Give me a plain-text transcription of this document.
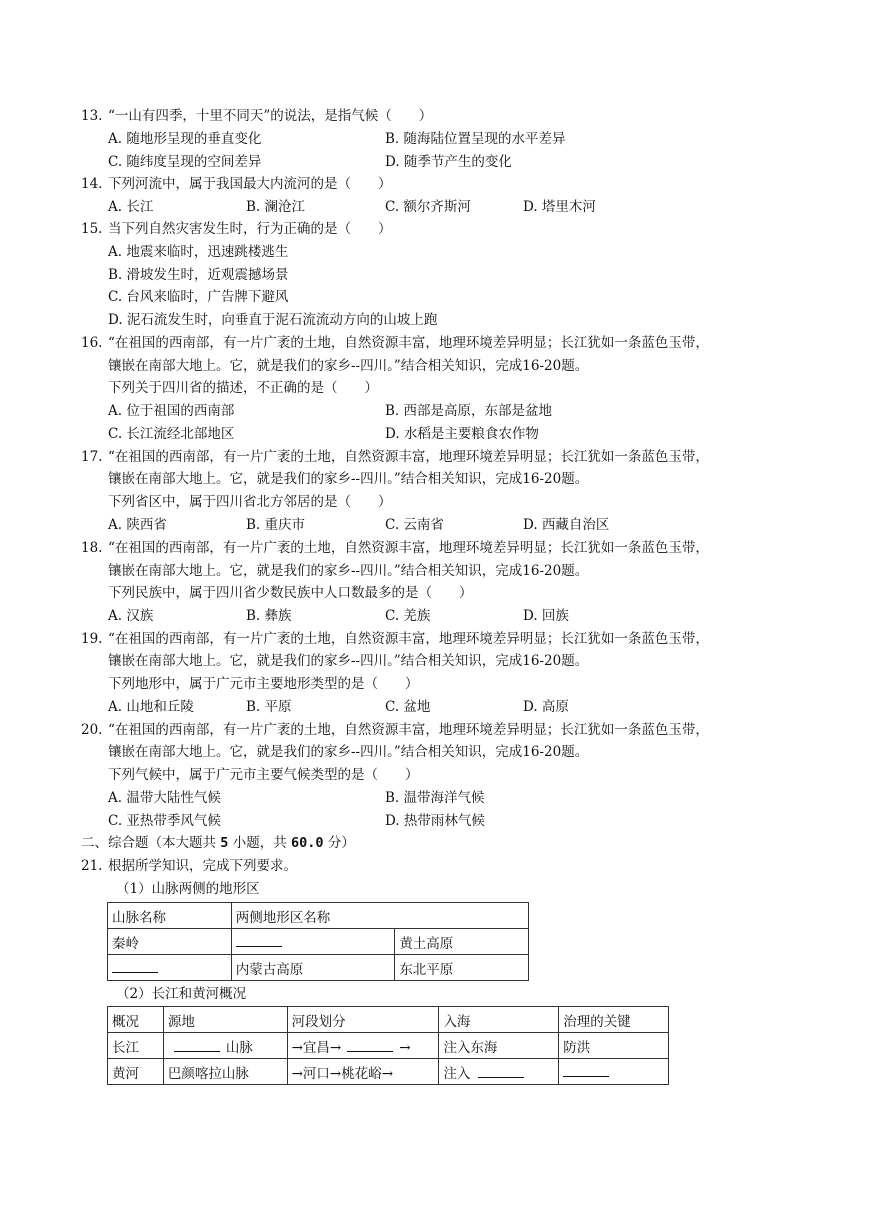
13. “一山有四季，十里不同天”的说法，是指气候（　　）
A. 随地形呈现的垂直变化	B. 随海陆位置呈现的水平差异
C. 随纬度呈现的空间差异	D. 随季节产生的变化
14. 下列河流中，属于我国最大内流河的是（　　）
A. 长江	B. 澜沧江	C. 额尔齐斯河	D. 塔里木河
15. 当下列自然灾害发生时，行为正确的是（　　）
A. 地震来临时，迅速跳楼逃生
B. 滑坡发生时，近观震撼场景
C. 台风来临时，广告牌下避风
D. 泥石流发生时，向垂直于泥石流流动方向的山坡上跑
16. “在祖国的西南部，有一片广袤的土地，自然资源丰富，地理环境差异明显；长江犹如一条蓝色玉带，
镶嵌在南部大地上。它，就是我们的家乡--四川。”结合相关知识，完成16-20题。
下列关于四川省的描述，不正确的是（　　）
A. 位于祖国的西南部	B. 西部是高原，东部是盆地
C. 长江流经北部地区	D. 水稻是主要粮食农作物
17. “在祖国的西南部，有一片广袤的土地，自然资源丰富，地理环境差异明显；长江犹如一条蓝色玉带，
镶嵌在南部大地上。它，就是我们的家乡--四川。”结合相关知识，完成16-20题。
下列省区中，属于四川省北方邻居的是（　　）
A. 陕西省	B. 重庆市	C. 云南省	D. 西藏自治区
18. “在祖国的西南部，有一片广袤的土地，自然资源丰富，地理环境差异明显；长江犹如一条蓝色玉带，
镶嵌在南部大地上。它，就是我们的家乡--四川。”结合相关知识，完成16-20题。
下列民族中，属于四川省少数民族中人口数最多的是（　　）
A. 汉族	B. 彝族	C. 羌族	D. 回族
19. “在祖国的西南部，有一片广袤的土地，自然资源丰富，地理环境差异明显；长江犹如一条蓝色玉带，
镶嵌在南部大地上。它，就是我们的家乡--四川。”结合相关知识，完成16-20题。
下列地形中，属于广元市主要地形类型的是（　　）
A. 山地和丘陵	B. 平原	C. 盆地	D. 高原
20. “在祖国的西南部，有一片广袤的土地，自然资源丰富，地理环境差异明显；长江犹如一条蓝色玉带，
镶嵌在南部大地上。它，就是我们的家乡--四川。”结合相关知识，完成16-20题。
下列气候中，属于广元市主要气候类型的是（　　）
A. 温带大陆性气候	B. 温带海洋气候
C. 亚热带季风气候	D. 热带雨林气候
二、综合题（本大题共 5 小题，共 60.0 分）
21. 根据所学知识，完成下列要求。
（1）山脉两侧的地形区
山脉名称	两侧地形区名称	
秦岭		黄土高原
	内蒙古高原	东北平原
（2）长江和黄河概况
概况	源地	河段划分	入海	治理的关键
长江	山脉	→宜昌→ →	注入东海	防洪
黄河	巴颜喀拉山脉	→河口→桃花峪→	注入	
